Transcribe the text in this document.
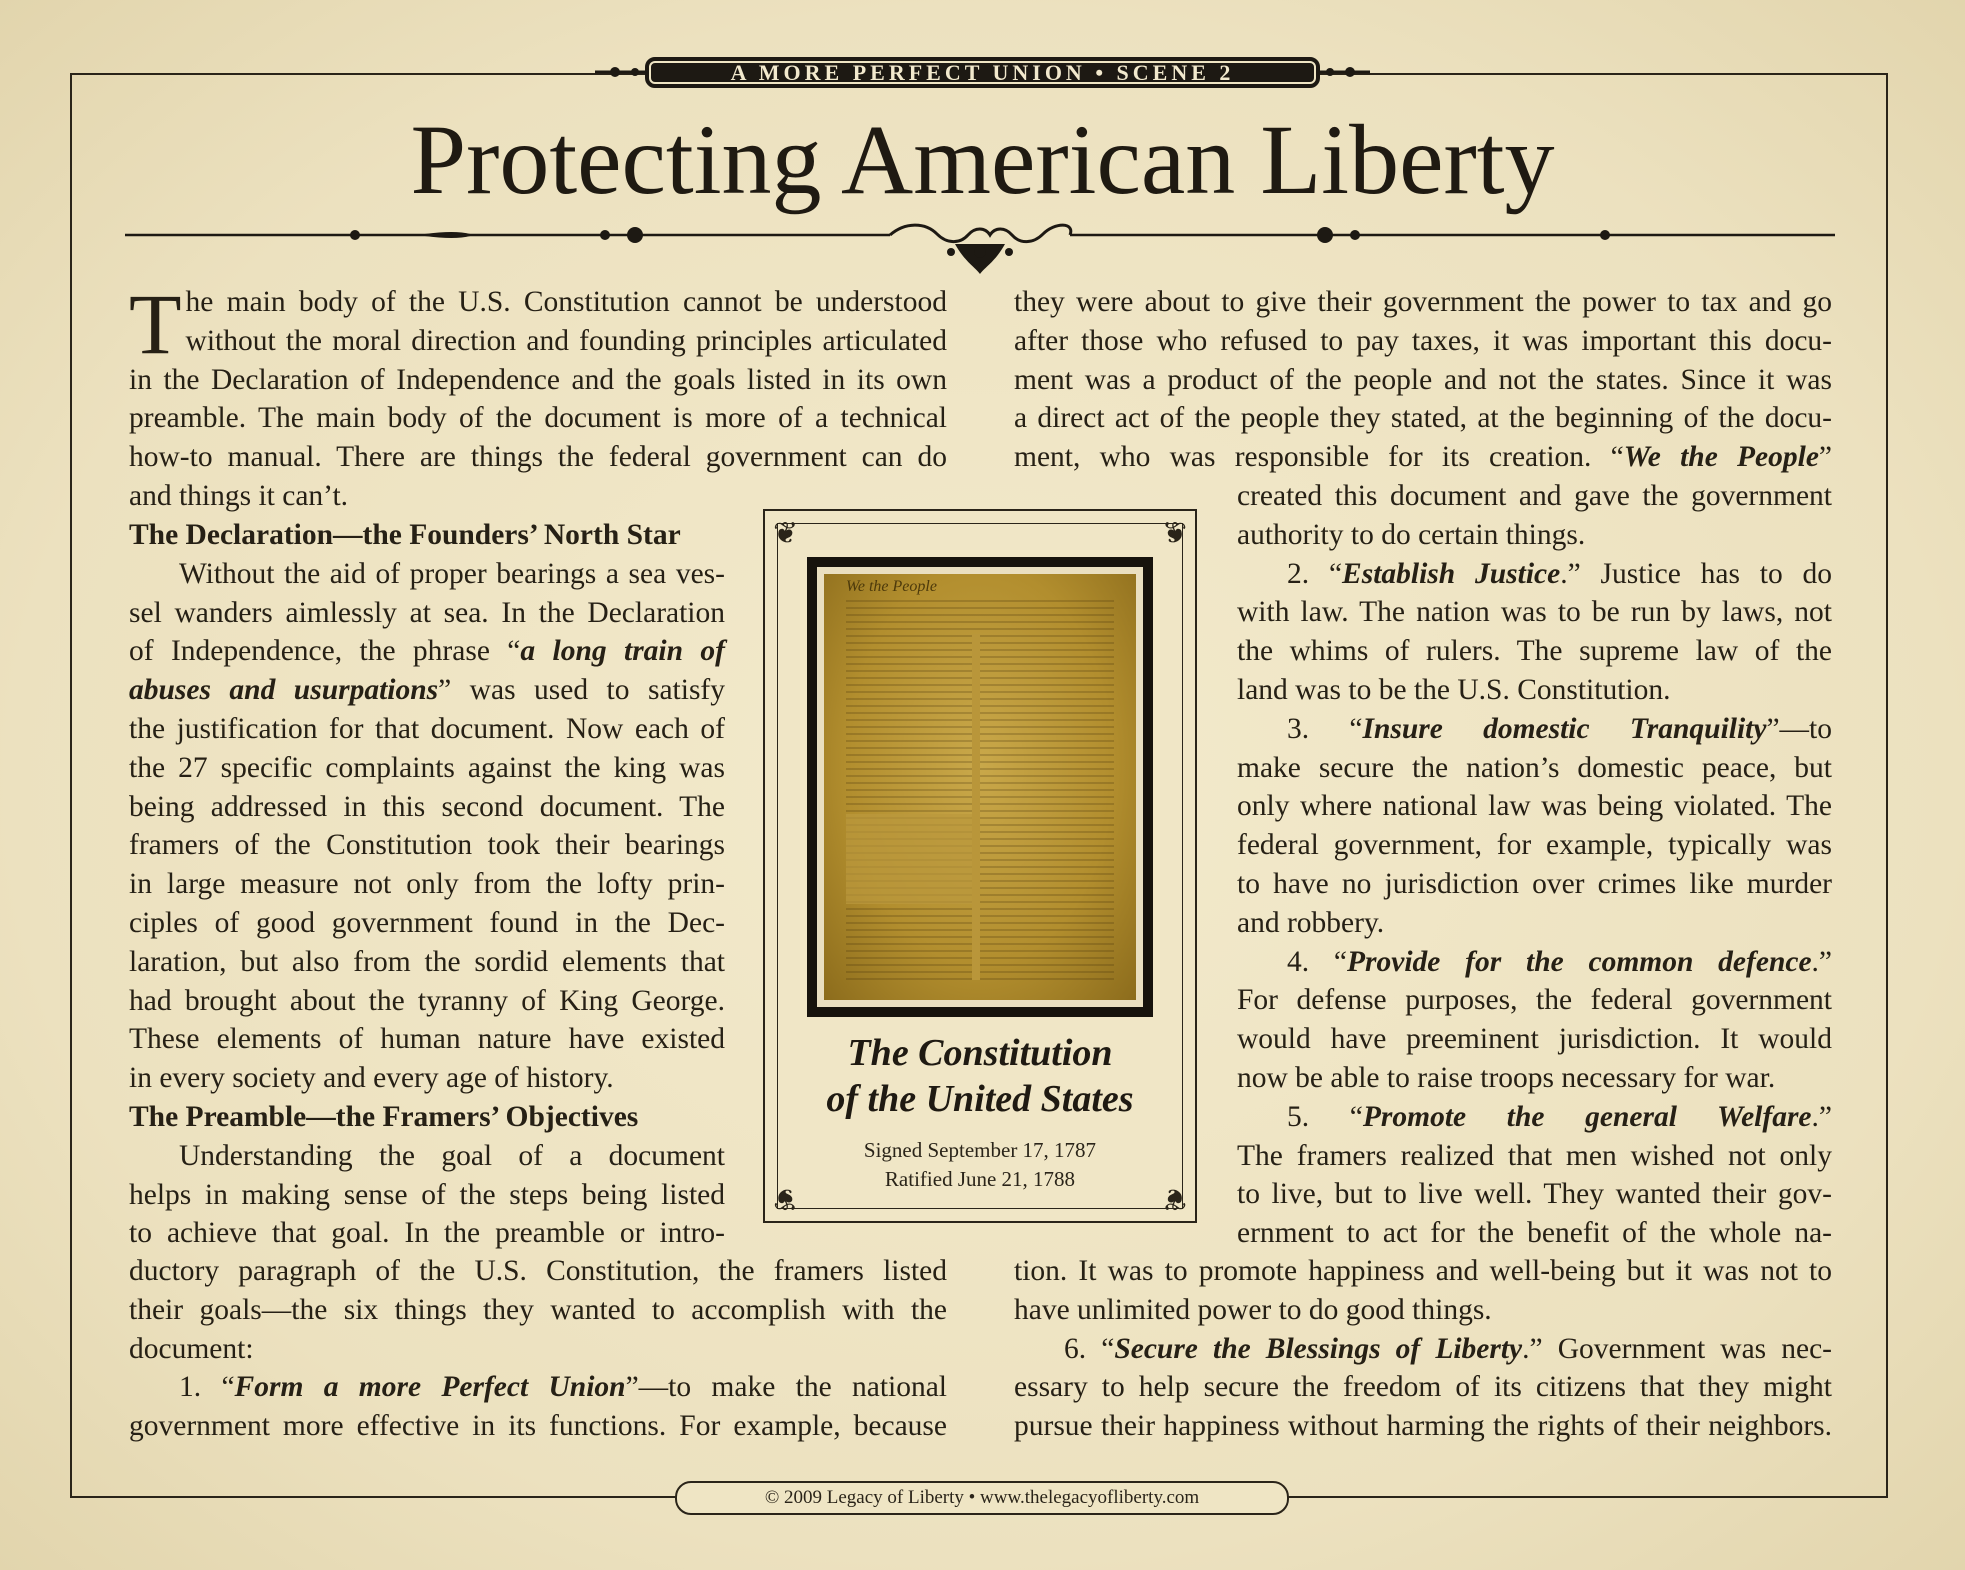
A MORE PERFECT UNION • SCENE 2
Protecting American Liberty
T he main body of the U.S. Constitution cannot be understood

without the moral direction and founding principles articulated

in the Declaration of Independence and the goals listed in its own

preamble. The main body of the document is more of a technical

how-to manual. There are things the federal government can do

and things it can’t.

The Declaration—the Founders’ North Star

Without the aid of proper bearings a sea ves-

sel wanders aimlessly at sea. In the Declaration

of Independence, the phrase “a long train of

abuses and usurpations” was used to satisfy

the justification for that document. Now each of

the 27 specific complaints against the king was

being addressed in this second document. The

framers of the Constitution took their bearings

in large measure not only from the lofty prin-

ciples of good government found in the Dec-

laration, but also from the sordid elements that

had brought about the tyranny of King George.

These elements of human nature have existed

in every society and every age of history.

The Preamble—the Framers’ Objectives

Understanding the goal of a document

helps in making sense of the steps being listed

to achieve that goal. In the preamble or intro-

ductory paragraph of the U.S. Constitution, the framers listed

their goals—the six things they wanted to accomplish with the

document:

1. “Form a more Perfect Union”—to make the national

government more effective in its functions. For example, because

they were about to give their government the power to tax and go

after those who refused to pay taxes, it was important this docu-

ment was a product of the people and not the states. Since it was

a direct act of the people they stated, at the beginning of the docu-

ment, who was responsible for its creation. “We the People”

created this document and gave the government

authority to do certain things.

2. “Establish Justice.” Justice has to do

with law. The nation was to be run by laws, not

the whims of rulers. The supreme law of the

land was to be the U.S. Constitution.

3. “Insure domestic Tranquility”—to

make secure the nation’s domestic peace, but

only where national law was being violated. The

federal government, for example, typically was

to have no jurisdiction over crimes like murder

and robbery.

4. “Provide for the common defence.”

For defense purposes, the federal government

would have preeminent jurisdiction. It would

now be able to raise troops necessary for war.

5. “Promote the general Welfare.”

The framers realized that men wished not only

to live, but to live well. They wanted their gov-

ernment to act for the benefit of the whole na-

tion. It was to promote happiness and well-being but it was not to

have unlimited power to do good things.

6. “Secure the Blessings of Liberty.” Government was nec-

essary to help secure the freedom of its citizens that they might

pursue their happiness without harming the rights of their neighbors.

❦	❦
❦	❦
We the People
The Constitution
of the United States
Signed September 17, 1787
Ratified June 21, 1788
© 2009 Legacy of Liberty • www.thelegacyofliberty.com
